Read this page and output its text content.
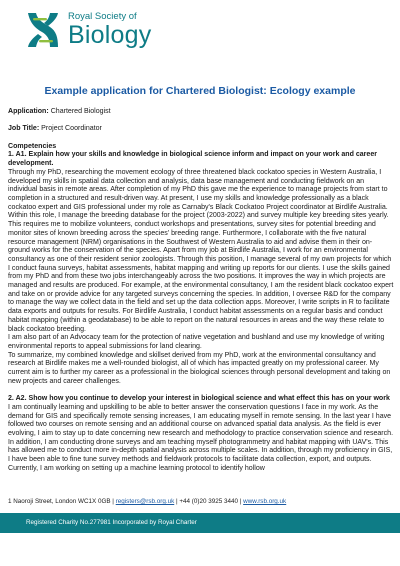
Royal Society of
Biology
Example application for Chartered Biologist: Ecology example

Application: Chartered Biologist

Job Title: Project Coordinator

Competencies

1. A1. Explain how your skills and knowledge in biological science inform and impact on your work and career development.

Through my PhD, researching the movement ecology of three threatened black cockatoo species in Western Australia, I developed my skills in spatial data collection and analysis, data base management and conducting fieldwork on an individual basis in remote areas. After completion of my PhD this gave me the experience to manage projects from start to completion in a structured and result-driven way. At present, I use my skills and knowledge professionally as a black cockatoo expert and GIS professional under my role as Carnaby's Black Cockatoo Project coordinator at Birdlife Australia. Within this role, I manage the breeding database for the project (2003-2022) and survey multiple key breeding sites yearly. This requires me to mobilize volunteers, conduct workshops and presentations, survey sites for potential breeding and monitor sites of known breeding across the species' breeding range. Furthermore, I collaborate with the five natural resource management (NRM) organisations in the Southwest of Western Australia to aid and advise them in their on-ground works for the conservation of the species. Apart from my job at Birdlife Australia, I work for an environmental consultancy as one of their resident senior zoologists. Through this position, I manage several of my own projects for which I conduct fauna surveys, habitat assessments, habitat mapping and writing up reports for our clients. I use the skills gained from my PhD and from these two jobs interchangeably across the two positions. It improves the way in which projects are managed and results are produced. For example, at the environmental consultancy, I am the resident black cockatoo expert and take on or provide advice for any targeted surveys concerning the species. In addition, I oversee R&D for the company to manage the way we collect data in the field and set up the data collection apps. Moreover, I write scripts in R to facilitate data exports and outputs for results. For Birdlife Australia, I conduct habitat assessments on a regular basis and conduct habitat mapping (within a geodatabase) to be able to report on the natural resources in areas and the way these relate to black cockatoo breeding.

I am also part of an Advocacy team for the protection of native vegetation and bushland and use my knowledge of writing environmental reports to appeal submissions for land clearing.

To summarize, my combined knowledge and skillset derived from my PhD, work at the environmental consultancy and research at Birdlife makes me a well-rounded biologist, all of which has impacted greatly on my professional career. My current aim is to further my career as a professional in the biological sciences through personal development and taking on new projects and career challenges.

2. A2. Show how you continue to develop your interest in biological science and what effect this has on your work

I am continually learning and upskilling to be able to better answer the conservation questions I face in my work. As the demand for GIS and specifically remote sensing increases, I am educating myself in remote sensing. In the last year I have followed two courses on remote sensing and an additional course on advanced spatial data analysis. As the field is ever evolving, I aim to stay up to date concerning new research and methodology to practice conservation science and research. In addition, I am conducting drone surveys and am teaching myself photogrammetry and habitat mapping with UAV's. This has allowed me to conduct more in-depth spatial analysis across multiple scales. In addition, through my proficiency in GIS, I have been able to fine tune survey methods and fieldwork protocols to facilitate data collection, export, and outputs. Currently, I am working on setting up a machine learning protocol to identify hollow

1 Naoroji Street, London WC1X 0GB | registers@rsb.org.uk | +44 (0)20 3925 3440 | www.rsb.org.uk
Registered Charity No.277981 Incorporated by Royal Charter
